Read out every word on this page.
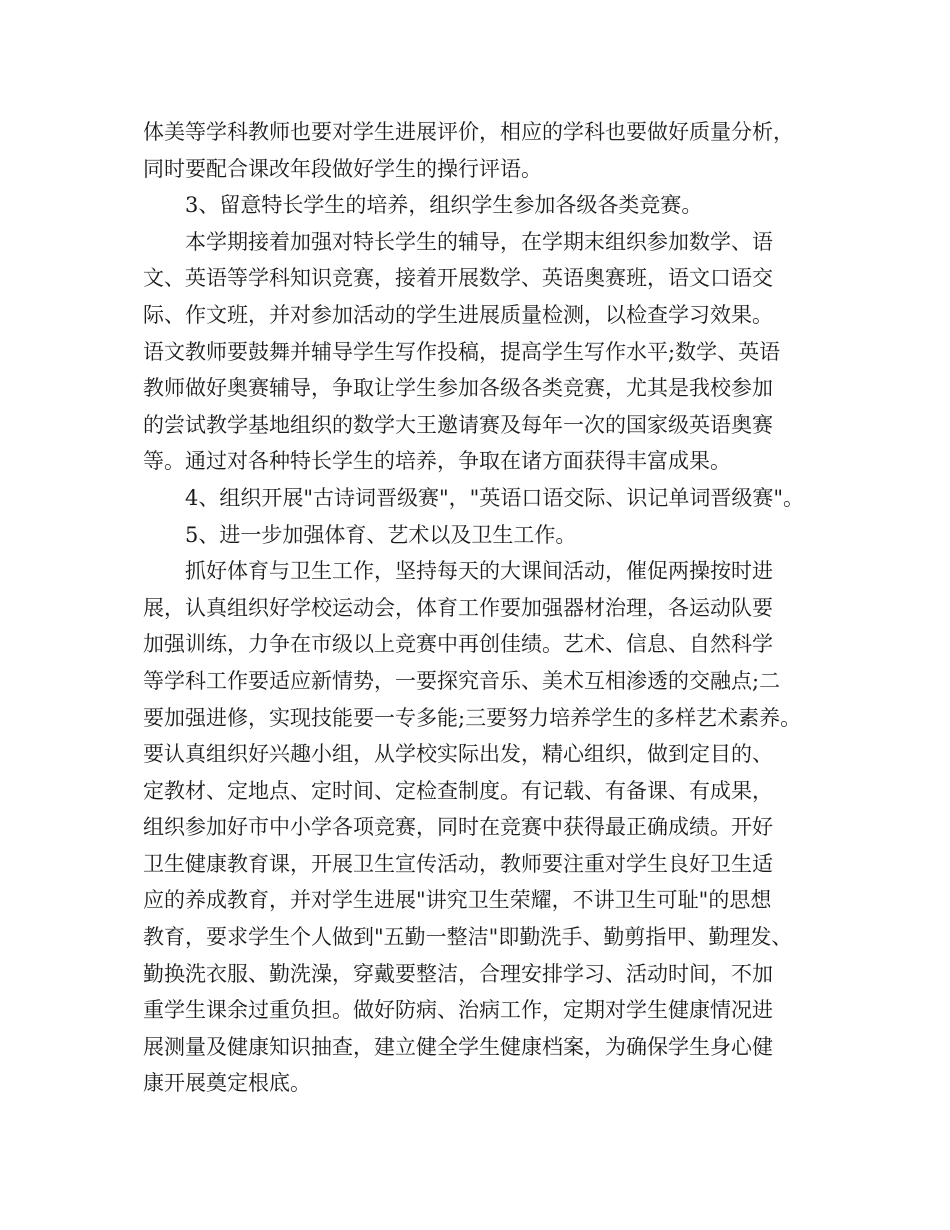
体美等学科教师也要对学生进展评价，相应的学科也要做好质量分析，
同时要配合课改年段做好学生的操行评语。
3、留意特长学生的培养，组织学生参加各级各类竞赛。
本学期接着加强对特长学生的辅导，在学期末组织参加数学、语
文、英语等学科知识竞赛，接着开展数学、英语奥赛班，语文口语交
际、作文班，并对参加活动的学生进展质量检测，以检查学习效果。
语文教师要鼓舞并辅导学生写作投稿，提高学生写作水平;数学、英语
教师做好奥赛辅导，争取让学生参加各级各类竞赛，尤其是我校参加
的尝试教学基地组织的数学大王邀请赛及每年一次的国家级英语奥赛
等。通过对各种特长学生的培养，争取在诸方面获得丰富成果。
4、组织开展"古诗词晋级赛"，"英语口语交际、识记单词晋级赛"。
5、进一步加强体育、艺术以及卫生工作。
抓好体育与卫生工作，坚持每天的大课间活动，催促两操按时进
展，认真组织好学校运动会，体育工作要加强器材治理，各运动队要
加强训练，力争在市级以上竞赛中再创佳绩。艺术、信息、自然科学
等学科工作要适应新情势，一要探究音乐、美术互相渗透的交融点;二
要加强进修，实现技能要一专多能;三要努力培养学生的多样艺术素养。
要认真组织好兴趣小组，从学校实际出发，精心组织，做到定目的、
定教材、定地点、定时间、定检查制度。有记载、有备课、有成果，
组织参加好市中小学各项竞赛，同时在竞赛中获得最正确成绩。开好
卫生健康教育课，开展卫生宣传活动，教师要注重对学生良好卫生适
应的养成教育，并对学生进展"讲究卫生荣耀，不讲卫生可耻"的思想
教育，要求学生个人做到"五勤一整洁"即勤洗手、勤剪指甲、勤理发、
勤换洗衣服、勤洗澡，穿戴要整洁，合理安排学习、活动时间，不加
重学生课余过重负担。做好防病、治病工作，定期对学生健康情况进
展测量及健康知识抽查，建立健全学生健康档案，为确保学生身心健
康开展奠定根底。
